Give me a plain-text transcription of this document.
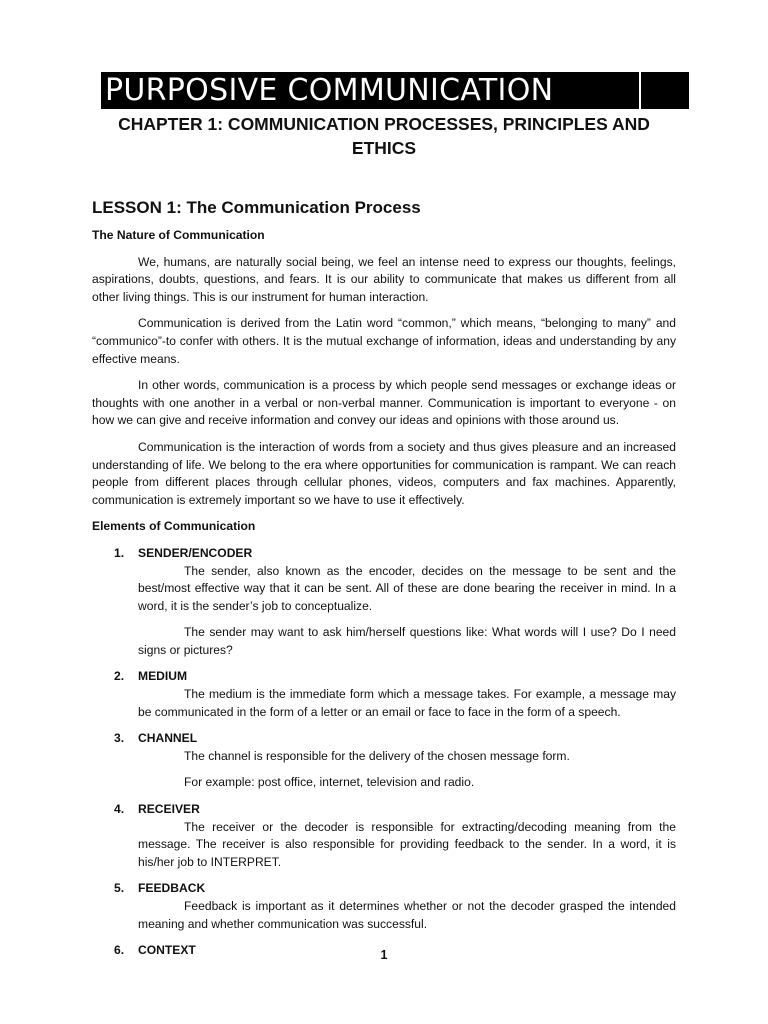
PURPOSIVE COMMUNICATION
CHAPTER 1: COMMUNICATION PROCESSES, PRINCIPLES AND ETHICS
LESSON 1: The Communication Process

The Nature of Communication

We, humans, are naturally social being, we feel an intense need to express our thoughts, feelings, aspirations, doubts, questions, and fears. It is our ability to communicate that makes us different from all other living things. This is our instrument for human interaction.

Communication is derived from the Latin word “common,” which means, “belonging to many” and “communico”-to confer with others. It is the mutual exchange of information, ideas and understanding by any effective means.

In other words, communication is a process by which people send messages or exchange ideas or thoughts with one another in a verbal or non-verbal manner. Communication is important to everyone - on how we can give and receive information and convey our ideas and opinions with those around us.

Communication is the interaction of words from a society and thus gives pleasure and an increased understanding of life. We belong to the era where opportunities for communication is rampant. We can reach people from different places through cellular phones, videos, computers and fax machines. Apparently, communication is extremely important so we have to use it effectively.

Elements of Communication

1. SENDER/ENCODER

The sender, also known as the encoder, decides on the message to be sent and the best/most effective way that it can be sent. All of these are done bearing the receiver in mind. In a word, it is the sender’s job to conceptualize.

The sender may want to ask him/herself questions like: What words will I use? Do I need signs or pictures?

2. MEDIUM

The medium is the immediate form which a message takes. For example, a message may be communicated in the form of a letter or an email or face to face in the form of a speech.

3. CHANNEL

The channel is responsible for the delivery of the chosen message form.

For example: post office, internet, television and radio.

4. RECEIVER

The receiver or the decoder is responsible for extracting/decoding meaning from the message. The receiver is also responsible for providing feedback to the sender. In a word, it is his/her job to INTERPRET.

5. FEEDBACK

Feedback is important as it determines whether or not the decoder grasped the intended meaning and whether communication was successful.

6. CONTEXT	1
